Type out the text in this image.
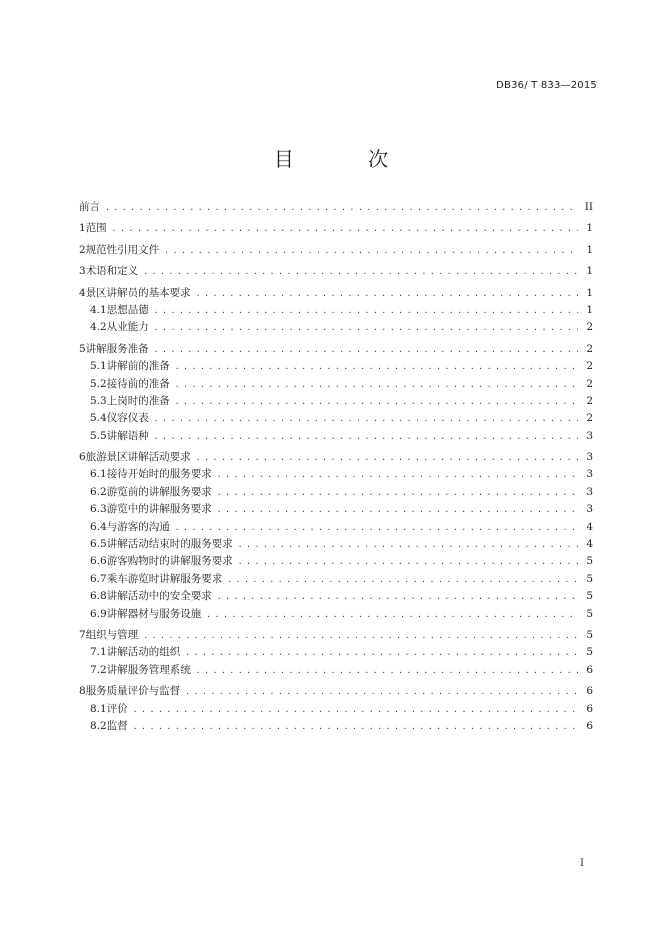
DB36/ T 833—2015
目 次
前言 . . .	II
1 范围 . . .	1
2 规范性引用文件 . . .	1
3 术语和定义 . . .	1
4 景区讲解员的基本要求 . . .	1
4.1 思想品德 . . .	1
4.2 从业能力 . . .	2
5 讲解服务准备 . . .	2
5.1 讲解前的准备 . . .	2
5.2 接待前的准备 . . .	2
5.3 上岗时的准备 . . .	2
5.4 仪容仪表 . . .	2
5.5 讲解语种 . . .	3
6 旅游景区讲解活动要求 . . .	3
6.1 接待开始时的服务要求 . . .	3
6.2 游览前的讲解服务要求 . . .	3
6.3 游览中的讲解服务要求 . . .	3
6.4 与游客的沟通 . . .	4
6.5 讲解活动结束时的服务要求 . . .	4
6.6 游客购物时的讲解服务要求 . . .	5
6.7 乘车游览时讲解服务要求 . . .	5
6.8 讲解活动中的安全要求 . . .	5
6.9 讲解器材与服务设施 . . .	5
7 组织与管理 . . .	5
7.1 讲解活动的组织 . . .	5
7.2 讲解服务管理系统 . . .	6
8 服务质量评价与监督 . . .	6
8.1 评价 . . .	6
8.2 监督 . . .	6
I
